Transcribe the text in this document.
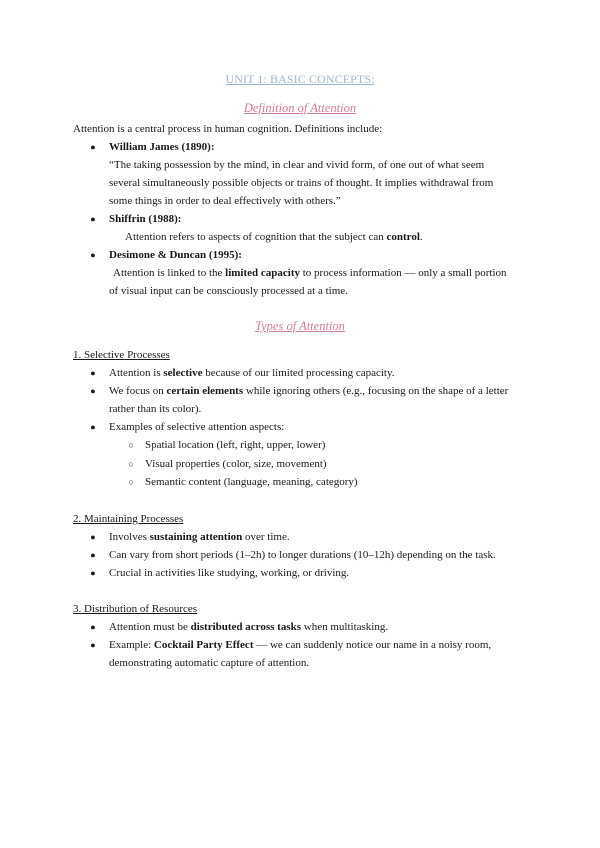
UNIT 1: BASIC CONCEPTS:
Definition of Attention
Attention is a central process in human cognition. Definitions include:
● William James (1890):
“The taking possession by the mind, in clear and vivid form, of one out of what seem
several simultaneously possible objects or trains of thought. It implies withdrawal from
some things in order to deal effectively with others.”
● Shiffrin (1988):
Attention refers to aspects of cognition that the subject can control.
● Desimone & Duncan (1995):
Attention is linked to the limited capacity to process information — only a small portion
of visual input can be consciously processed at a time.
Types of Attention
1. Selective Processes
● Attention is selective because of our limited processing capacity.
● We focus on certain elements while ignoring others (e.g., focusing on the shape of a letter
rather than its color).
● Examples of selective attention aspects:
○ Spatial location (left, right, upper, lower)
○ Visual properties (color, size, movement)
○ Semantic content (language, meaning, category)
2. Maintaining Processes
● Involves sustaining attention over time.
● Can vary from short periods (1–2h) to longer durations (10–12h) depending on the task.
● Crucial in activities like studying, working, or driving.
3. Distribution of Resources
● Attention must be distributed across tasks when multitasking.
● Example: Cocktail Party Effect — we can suddenly notice our name in a noisy room,
demonstrating automatic capture of attention.
